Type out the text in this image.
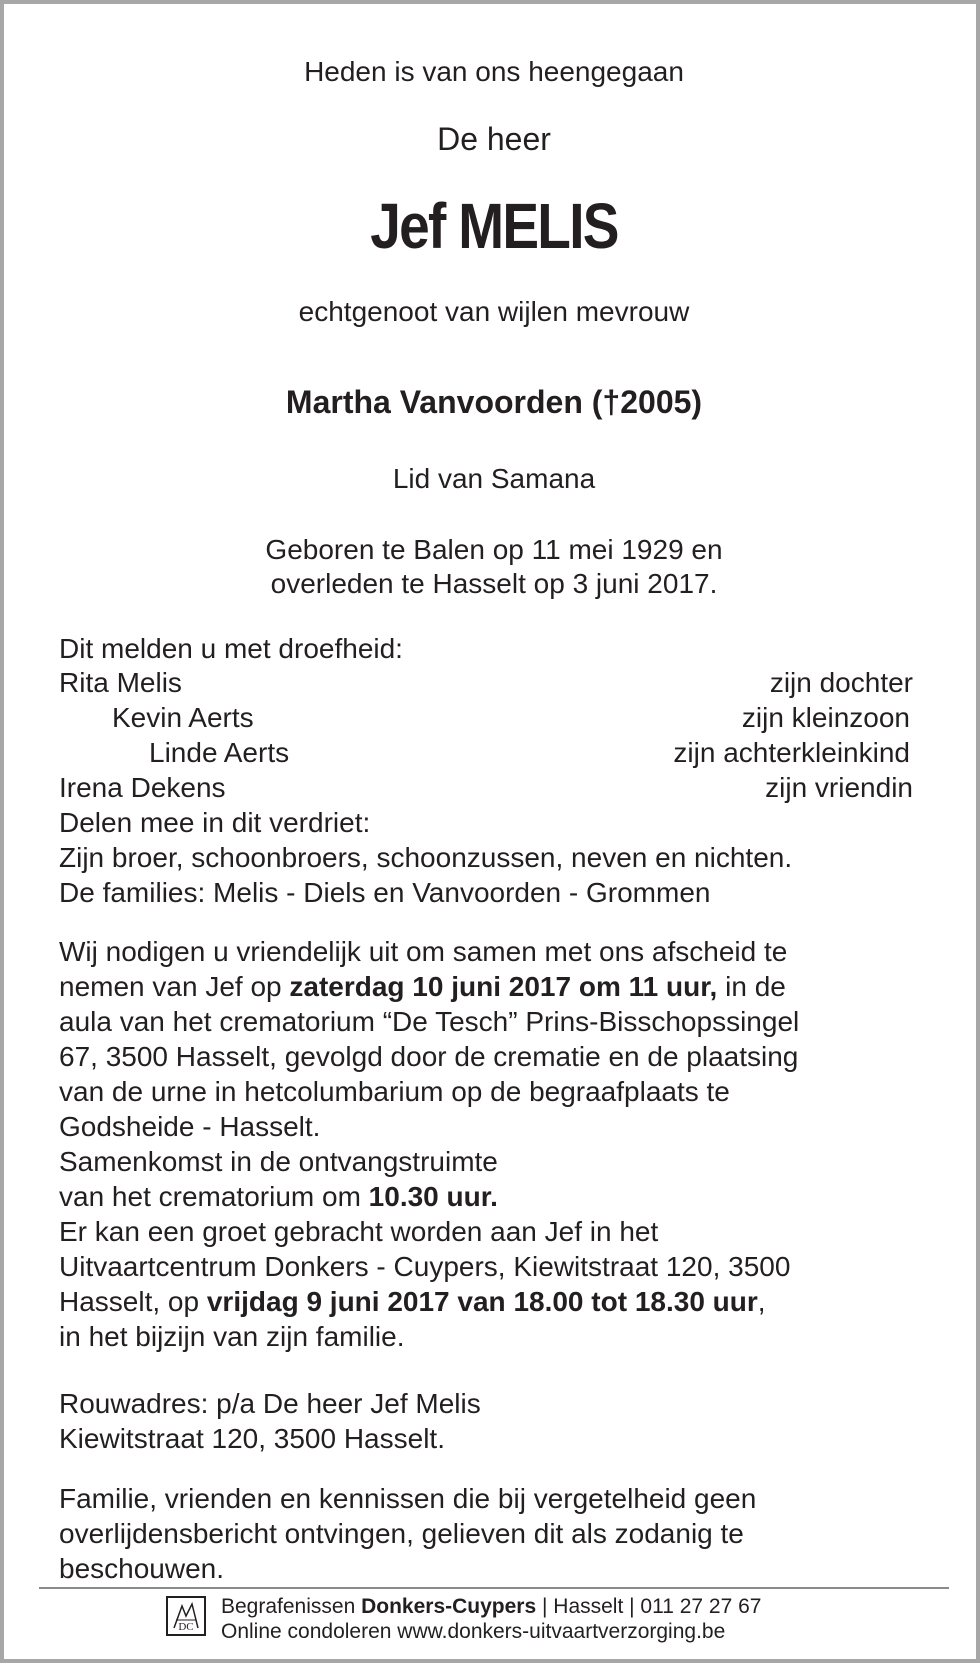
Heden is van ons heengegaan
De heer
Jef MELIS
echtgenoot van wijlen mevrouw
Martha Vanvoorden (†2005)
Lid van Samana
Geboren te Balen op 11 mei 1929 en
overleden te Hasselt op 3 juni 2017.
Dit melden u met droefheid:
Rita Melis	zijn dochter
Kevin Aerts	zijn kleinzoon
Linde Aerts	zijn achterkleinkind
Irena Dekens	zijn vriendin
Delen mee in dit verdriet:
Zijn broer, schoonbroers, schoonzussen, neven en nichten.
De families: Melis - Diels en Vanvoorden - Grommen
Wij nodigen u vriendelijk uit om samen met ons afscheid te
nemen van Jef op zaterdag 10 juni 2017 om 11 uur, in de
aula van het crematorium “De Tesch” Prins-Bisschopssingel
67, 3500 Hasselt, gevolgd door de crematie en de plaatsing
van de urne in hetcolumbarium op de begraafplaats te
Godsheide - Hasselt.
Samenkomst in de ontvangstruimte
van het crematorium om 10.30 uur.
Er kan een groet gebracht worden aan Jef in het
Uitvaartcentrum Donkers - Cuypers, Kiewitstraat 120, 3500
Hasselt, op vrijdag 9 juni 2017 van 18.00 tot 18.30 uur,
in het bijzijn van zijn familie.
Rouwadres: p/a De heer Jef Melis
Kiewitstraat 120, 3500 Hasselt.
Familie, vrienden en kennissen die bij vergetelheid geen
overlijdensbericht ontvingen, gelieven dit als zodanig te
beschouwen.
DC
Begrafenissen Donkers-Cuypers | Hasselt | 011 27 27 67
Online condoleren www.donkers-uitvaartverzorging.be
